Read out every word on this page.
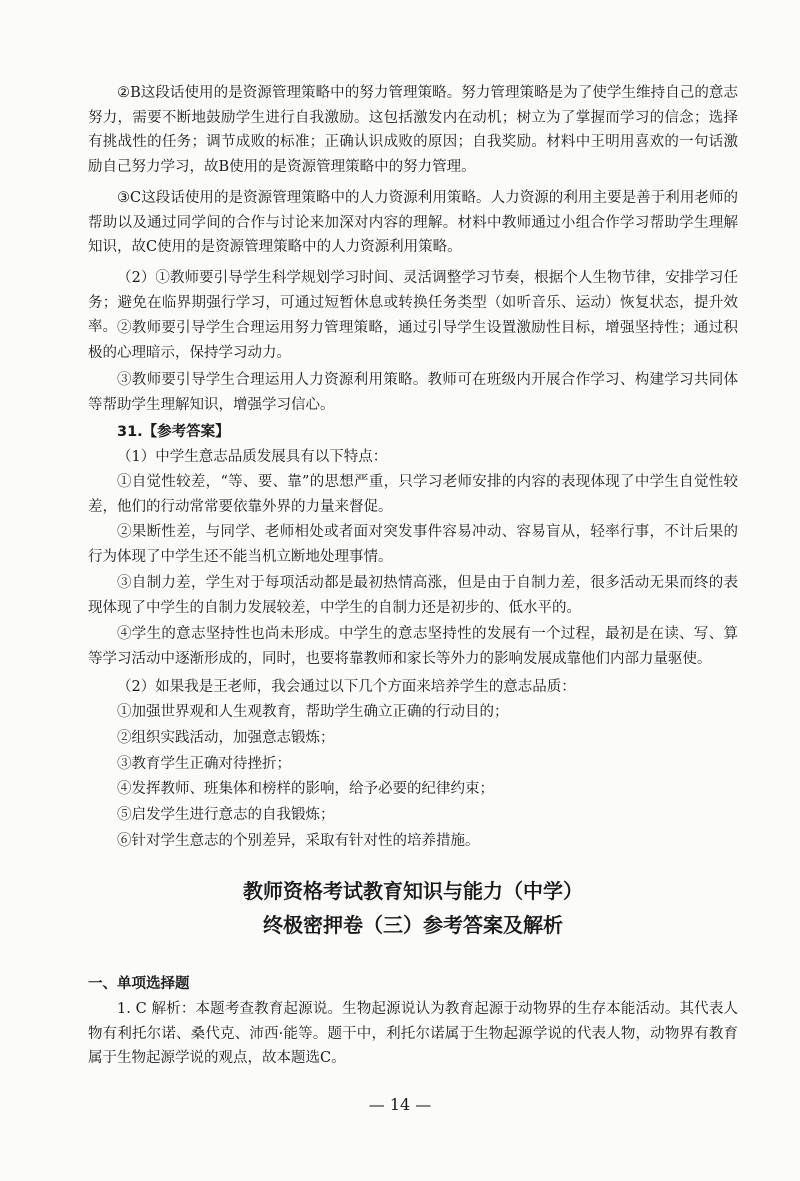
②B这段话使用的是资源管理策略中的努力管理策略。努力管理策略是为了使学生维持自己的意志努力，需要不断地鼓励学生进行自我激励。这包括激发内在动机；树立为了掌握而学习的信念；选择有挑战性的任务；调节成败的标准；正确认识成败的原因；自我奖励。材料中王明用喜欢的一句话激励自己努力学习，故B使用的是资源管理策略中的努力管理。

③C这段话使用的是资源管理策略中的人力资源利用策略。人力资源的利用主要是善于利用老师的帮助以及通过同学间的合作与讨论来加深对内容的理解。材料中教师通过小组合作学习帮助学生理解知识，故C使用的是资源管理策略中的人力资源利用策略。

（2）①教师要引导学生科学规划学习时间、灵活调整学习节奏，根据个人生物节律，安排学习任务；避免在临界期强行学习，可通过短暂休息或转换任务类型（如听音乐、运动）恢复状态，提升效率。 ②教师要引导学生合理运用努力管理策略，通过引导学生设置激励性目标，增强坚持性；通过积极的心理暗示，保持学习动力。

③教师要引导学生合理运用人力资源利用策略。教师可在班级内开展合作学习、构建学习共同体等帮助学生理解知识，增强学习信心。

31.【参考答案】

（1）中学生意志品质发展具有以下特点：

①自觉性较差，“等、要、靠”的思想严重，只学习老师安排的内容的表现体现了中学生自觉性较差，他们的行动常常要依靠外界的力量来督促。

②果断性差，与同学、老师相处或者面对突发事件容易冲动、容易盲从，轻率行事，不计后果的行为体现了中学生还不能当机立断地处理事情。

③自制力差，学生对于每项活动都是最初热情高涨，但是由于自制力差，很多活动无果而终的表现体现了中学生的自制力发展较差，中学生的自制力还是初步的、低水平的。

④学生的意志坚持性也尚未形成。中学生的意志坚持性的发展有一个过程，最初是在读、写、算等学习活动中逐渐形成的，同时，也要将靠教师和家长等外力的影响发展成靠他们内部力量驱使。

（2）如果我是王老师，我会通过以下几个方面来培养学生的意志品质：

①加强世界观和人生观教育，帮助学生确立正确的行动目的；

②组织实践活动，加强意志锻炼；

③教育学生正确对待挫折；

④发挥教师、班集体和榜样的影响，给予必要的纪律约束；

⑤启发学生进行意志的自我锻炼；

⑥针对学生意志的个别差异，采取有针对性的培养措施。

教师资格考试教育知识与能力（中学）
终极密押卷（三）参考答案及解析

一、单项选择题

1. C 解析：本题考查教育起源说。生物起源说认为教育起源于动物界的生存本能活动。其代表人物有利托尔诺、桑代克、沛西·能等。题干中，利托尔诺属于生物起源学说的代表人物，动物界有教育属于生物起源学说的观点，故本题选C。

— 14 —
